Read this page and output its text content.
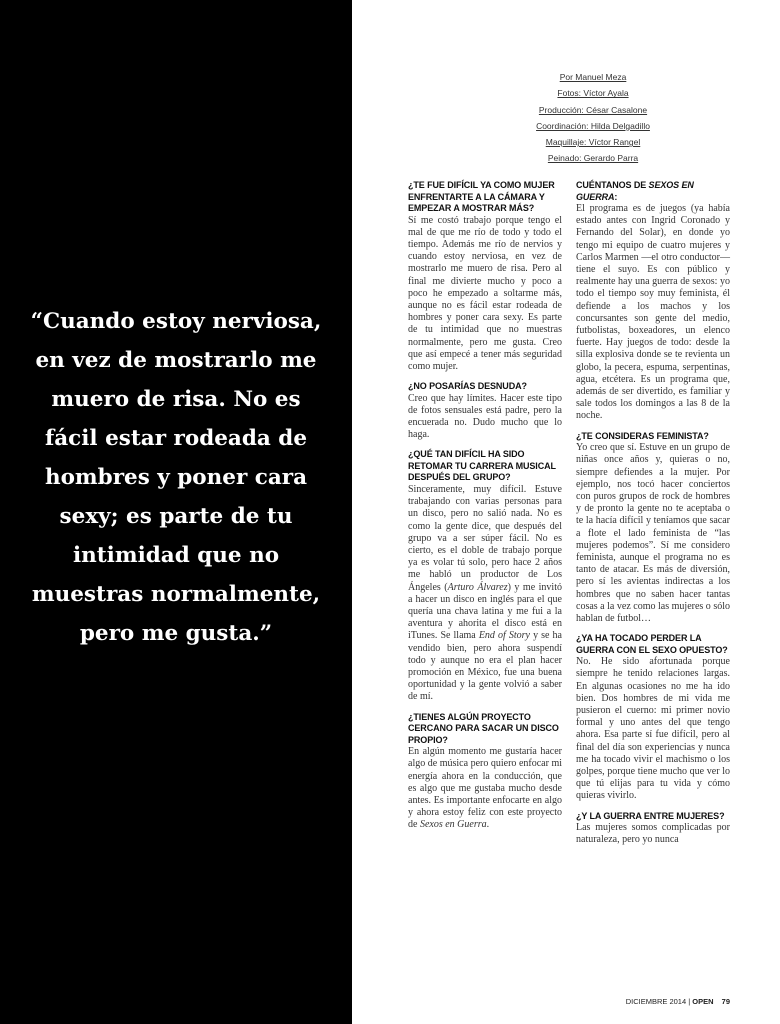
“Cuando estoy nerviosa, en vez de mostrarlo me muero de risa. No es fácil estar rodeada de hombres y poner cara sexy; es parte de tu intimidad que no muestras normalmente, pero me gusta.”
Por Manuel Meza
Fotos: Víctor Ayala
Producción: César Casalone
Coordinación: Hilda Delgadillo
Maquillaje: Víctor Rangel
Peinado: Gerardo Parra
¿TE FUE DIFÍCIL YA COMO MUJER ENFRENTARTE A LA CÁMARA Y EMPEZAR A MOSTRAR MÁS?

Sí me costó trabajo porque tengo el mal de que me río de todo y todo el tiempo. Además me río de nervios y cuando estoy nerviosa, en vez de mostrarlo me muero de risa. Pero al final me divierte mucho y poco a poco he empezado a soltarme más, aunque no es fácil estar rodeada de hombres y poner cara sexy. Es parte de tu intimidad que no muestras normalmente, pero me gusta. Creo que así empecé a tener más seguridad como mujer.

¿NO POSARÍAS DESNUDA?

Creo que hay límites. Hacer este tipo de fotos sensuales está padre, pero la encuerada no. Dudo mucho que lo haga.

¿QUÉ TAN DIFÍCIL HA SIDO RETOMAR TU CARRERA MUSICAL DESPUÉS DEL GRUPO?

Sinceramente, muy difícil. Estuve trabajando con varias personas para un disco, pero no salió nada. No es como la gente dice, que después del grupo va a ser súper fácil. No es cierto, es el doble de trabajo porque ya es volar tú solo, pero hace 2 años me habló un productor de Los Ángeles (Arturo Álvarez) y me invitó a hacer un disco en inglés para el que quería una chava latina y me fui a la aventura y ahorita el disco está en iTunes. Se llama End of Story y se ha vendido bien, pero ahora suspendí todo y aunque no era el plan hacer promoción en México, fue una buena oportunidad y la gente volvió a saber de mí.

¿TIENES ALGÚN PROYECTO CERCANO PARA SACAR UN DISCO PROPIO?

En algún momento me gustaría hacer algo de música pero quiero enfocar mi energía ahora en la conducción, que es algo que me gustaba mucho desde antes. Es importante enfocarte en algo y ahora estoy feliz con este proyecto de Sexos en Guerra.

CUÉNTANOS DE SEXOS EN GUERRA:

El programa es de juegos (ya había estado antes con Ingrid Coronado y Fernando del Solar), en donde yo tengo mi equipo de cuatro mujeres y Carlos Marmen —el otro conductor— tiene el suyo. Es con público y realmente hay una guerra de sexos: yo todo el tiempo soy muy feminista, él defiende a los machos y los concursantes son gente del medio, futbolistas, boxeadores, un elenco fuerte. Hay juegos de todo: desde la silla explosiva donde se te revienta un globo, la pecera, espuma, serpentinas, agua, etcétera. Es un programa que, además de ser divertido, es familiar y sale todos los domingos a las 8 de la noche.

¿TE CONSIDERAS FEMINISTA?

Yo creo que sí. Estuve en un grupo de niñas once años y, quieras o no, siempre defiendes a la mujer. Por ejemplo, nos tocó hacer conciertos con puros grupos de rock de hombres y de pronto la gente no te aceptaba o te la hacía difícil y teníamos que sacar a flote el lado feminista de “las mujeres podemos”. Sí me considero feminista, aunque el programa no es tanto de atacar. Es más de diversión, pero sí les avientas indirectas a los hombres que no saben hacer tantas cosas a la vez como las mujeres o sólo hablan de futbol…

¿YA HA TOCADO PERDER LA GUERRA CON EL SEXO OPUESTO?

No. He sido afortunada porque siempre he tenido relaciones largas. En algunas ocasiones no me ha ido bien. Dos hombres de mi vida me pusieron el cuerno: mi primer novio formal y uno antes del que tengo ahora. Esa parte sí fue difícil, pero al final del día son experiencias y nunca me ha tocado vivir el machismo o los golpes, porque tiene mucho que ver lo que tú elijas para tu vida y cómo quieras vivirlo.

¿Y LA GUERRA ENTRE MUJERES?

Las mujeres somos complicadas por naturaleza, pero yo nunca

DICIEMBRE 2014 | OPEN 79
